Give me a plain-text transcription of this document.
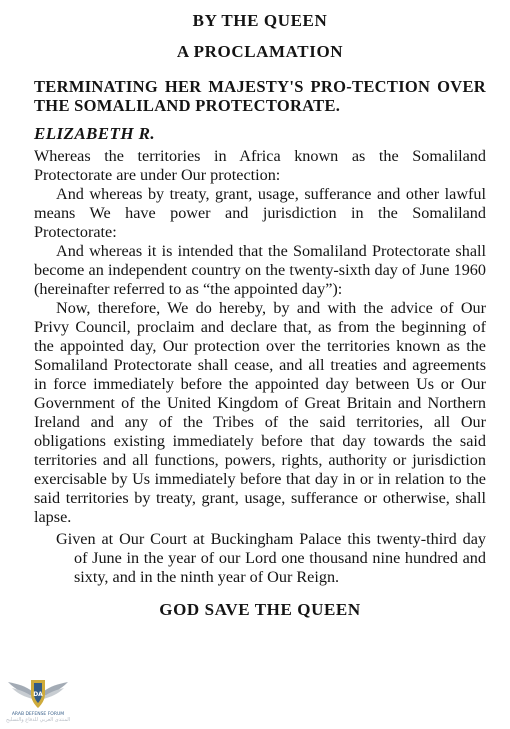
BY THE QUEEN
A PROCLAMATION
TERMINATING HER MAJESTY'S PRO-TECTION OVER THE SOMALILAND PROTECTORATE.
ELIZABETH R.

Whereas the territories in Africa known as the Somaliland Protectorate are under Our protection:

And whereas by treaty, grant, usage, sufferance and other lawful means We have power and jurisdiction in the Somaliland Protectorate:

And whereas it is intended that the Somaliland Protectorate shall become an independent country on the twenty-sixth day of June 1960 (hereinafter referred to as “the appointed day”):

Now, therefore, We do hereby, by and with the advice of Our Privy Council, proclaim and declare that, as from the beginning of the appointed day, Our protection over the territories known as the Somaliland Protectorate shall cease, and all treaties and agreements in force immediately before the appointed day between Us or Our Government of the United Kingdom of Great Britain and Northern Ireland and any of the Tribes of the said territories, all Our obligations existing immediately before that day towards the said territories and all functions, powers, rights, authority or jurisdiction exercisable by Us immediately before that day in or in relation to the said territories by treaty, grant, usage, sufferance or otherwise, shall lapse.

Given at Our Court at Buckingham Palace this twenty-third day of June in the year of our Lord one thousand nine hundred and sixty, and in the ninth year of Our Reign.
GOD SAVE THE QUEEN
DA
ARAB DEFENSE FORUM
المنتدى العربي للدفاع والتسليح
